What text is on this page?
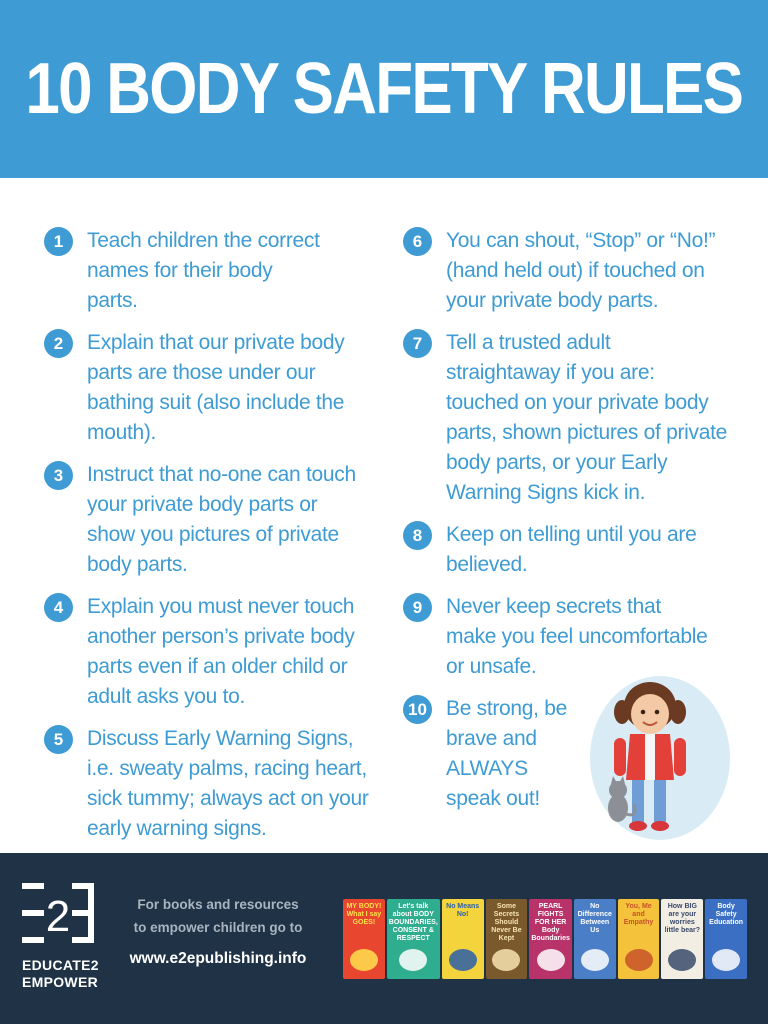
10 BODY SAFETY RULES
1	Teach children the correct names for their body parts.
2	Explain that our private body parts are those under our bathing suit (also include the mouth).
3	Instruct that no-one can touch your private body parts or show you pictures of private body parts.
4	Explain you must never touch another person’s private body parts even if an older child or adult asks you to.
5	Discuss Early Warning Signs, i.e. sweaty palms, racing heart, sick tummy; always act on your early warning signs.
6	You can shout, “Stop” or “No!” (hand held out) if touched on your private body parts.
7	Tell a trusted adult straightaway if you are: touched on your private body parts, shown pictures of private body parts, or your Early Warning Signs kick in.
8	Keep on telling until you are believed.
9	Never keep secrets that make you feel uncomfortable or unsafe.
10 Be strong, be brave and ALWAYS speak out!
2
EDUCATE2
EMPOWER
For books and resources
to empower children go to
www.e2epublishing.info
MY BODY! What I say GOES!
Let's talk about BODY BOUNDARIES, CONSENT & RESPECT
No Means No!
Some Secrets Should Never Be Kept
PEARL FIGHTS FOR HER Body Boundaries
No Difference Between Us
You, Me and Empathy
How BIG are your worries little bear?
Body Safety Education
